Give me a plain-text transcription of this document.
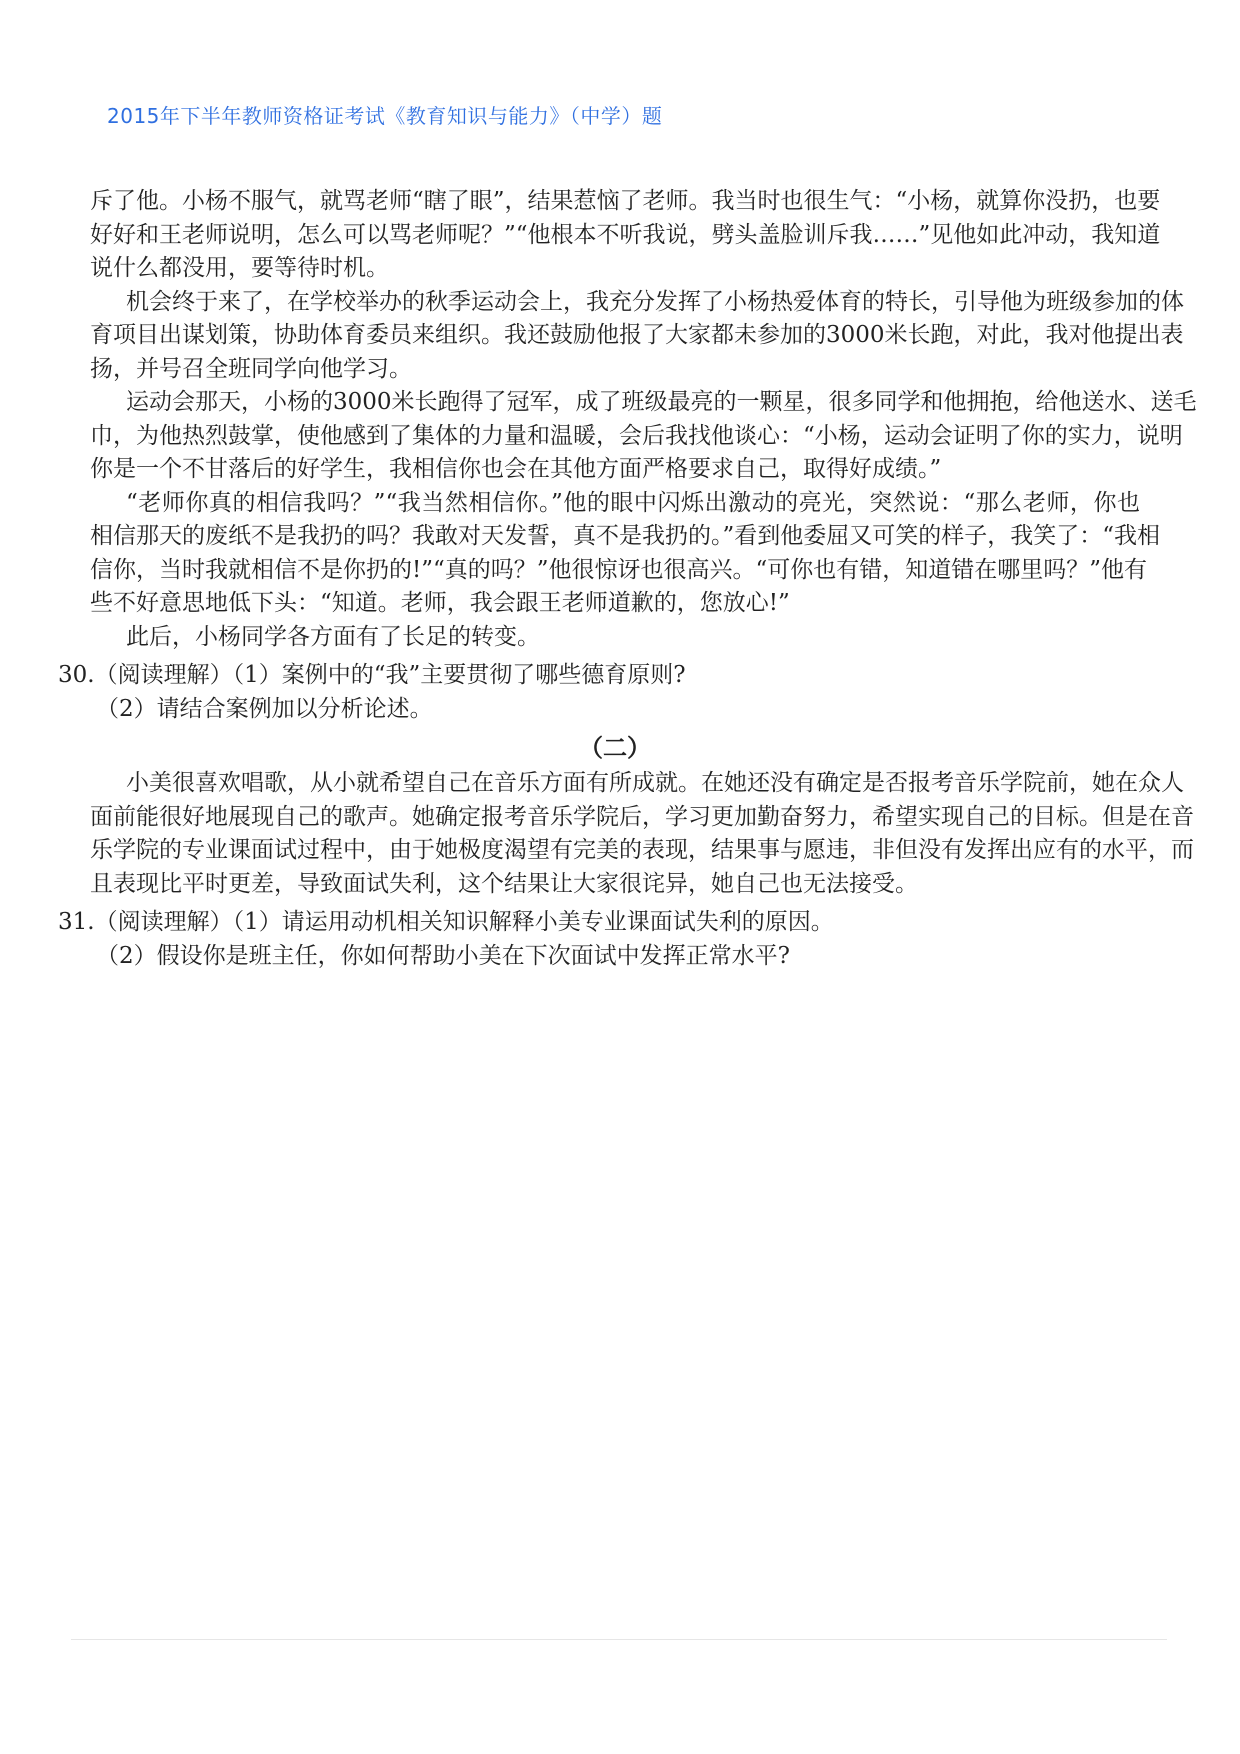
2015年下半年教师资格证考试《教育知识与能力》（中学）题
斥了他。小杨不服气，就骂老师“瞎了眼”，结果惹恼了老师。我当时也很生气：“小杨，就算你没扔，也要
好好和王老师说明，怎么可以骂老师呢？”“他根本不听我说，劈头盖脸训斥我……”见他如此冲动，我知道
说什么都没用，要等待时机。
机会终于来了，在学校举办的秋季运动会上，我充分发挥了小杨热爱体育的特长，引导他为班级参加的体
育项目出谋划策，协助体育委员来组织。我还鼓励他报了大家都未参加的3000米长跑，对此，我对他提出表
扬，并号召全班同学向他学习。
运动会那天，小杨的3000米长跑得了冠军，成了班级最亮的一颗星，很多同学和他拥抱，给他送水、送毛
巾，为他热烈鼓掌，使他感到了集体的力量和温暖，会后我找他谈心：“小杨，运动会证明了你的实力，说明
你是一个不甘落后的好学生，我相信你也会在其他方面严格要求自己，取得好成绩。”
“老师你真的相信我吗？”“我当然相信你。”他的眼中闪烁出激动的亮光，突然说：“那么老师，你也
相信那天的废纸不是我扔的吗？我敢对天发誓，真不是我扔的。”看到他委屈又可笑的样子，我笑了：“我相
信你，当时我就相信不是你扔的!”“真的吗？”他很惊讶也很高兴。“可你也有错，知道错在哪里吗？”他有
些不好意思地低下头：“知道。老师，我会跟王老师道歉的，您放心!”
此后，小杨同学各方面有了长足的转变。
30.（阅读理解）（1）案例中的“我”主要贯彻了哪些德育原则?
（2）请结合案例加以分析论述。
（二）
小美很喜欢唱歌，从小就希望自己在音乐方面有所成就。在她还没有确定是否报考音乐学院前，她在众人
面前能很好地展现自己的歌声。她确定报考音乐学院后，学习更加勤奋努力，希望实现自己的目标。但是在音
乐学院的专业课面试过程中，由于她极度渴望有完美的表现，结果事与愿违，非但没有发挥出应有的水平，而
且表现比平时更差，导致面试失利，这个结果让大家很诧异，她自己也无法接受。
31.（阅读理解）（1）请运用动机相关知识解释小美专业课面试失利的原因。
（2）假设你是班主任，你如何帮助小美在下次面试中发挥正常水平?
